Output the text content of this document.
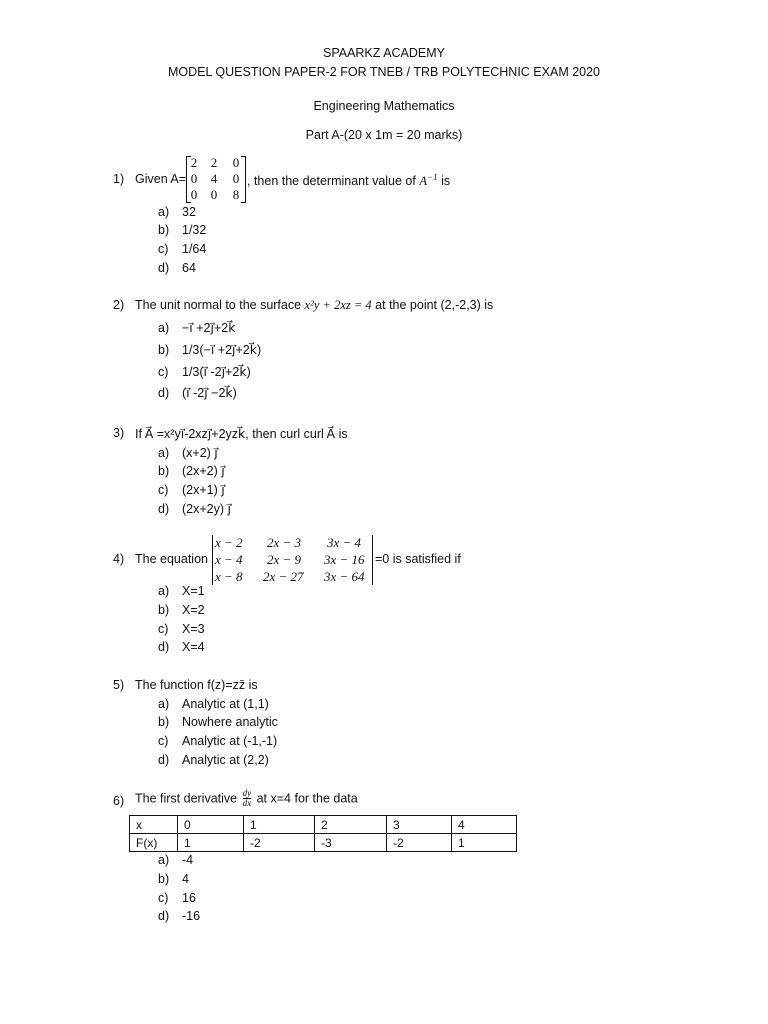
SPAARKZ ACADEMY
MODEL QUESTION PAPER-2 FOR TNEB / TRB POLYTECHNIC EXAM 2020
Engineering Mathematics
Part A-(20 x 1m = 20 marks)
1) Given A=
2 2 0
0 4 0
0 0 8
, then the determinant value of $A^{-1}$ is
a) 32
b) 1/32
c) 1/64
d) 64
2) The unit normal to the surface x²y + 2xz = 4 at the point (2,-2,3) is
a) −i⃗ +2j⃗+2k⃗
b) 1/3(−i⃗ +2j⃗+2k⃗)
c) 1/3(i⃗ -2j⃗+2k⃗)
d) (i⃗ -2j⃗ −2k⃗)
3) If A⃗ =x²yi⃗-2xzj⃗+2yzk⃗, then curl curl A⃗ is
a) (x+2) j⃗
b) (2x+2) j⃗
c) (2x+1) j⃗
d) (2x+2y) j⃗
4) The equation
x − 2 2x − 3 3x − 4
x − 4 2x − 9 3x − 16
x − 8 2x − 27 3x − 64
=0 is satisfied if
a) X=1
b) X=2
c) X=3
d) X=4
5) The function f(z)=zz̄ is
a) Analytic at (1,1)
b) Nowhere analytic
c) Analytic at (-1,-1)
d) Analytic at (2,2)
6) The first derivative $\frac{dy}{dx}$ at x=4 for the data
x	0	1	2	3	4
F(x)	1	-2	-3	-2	1
a) -4
b) 4
c) 16
d) -16
